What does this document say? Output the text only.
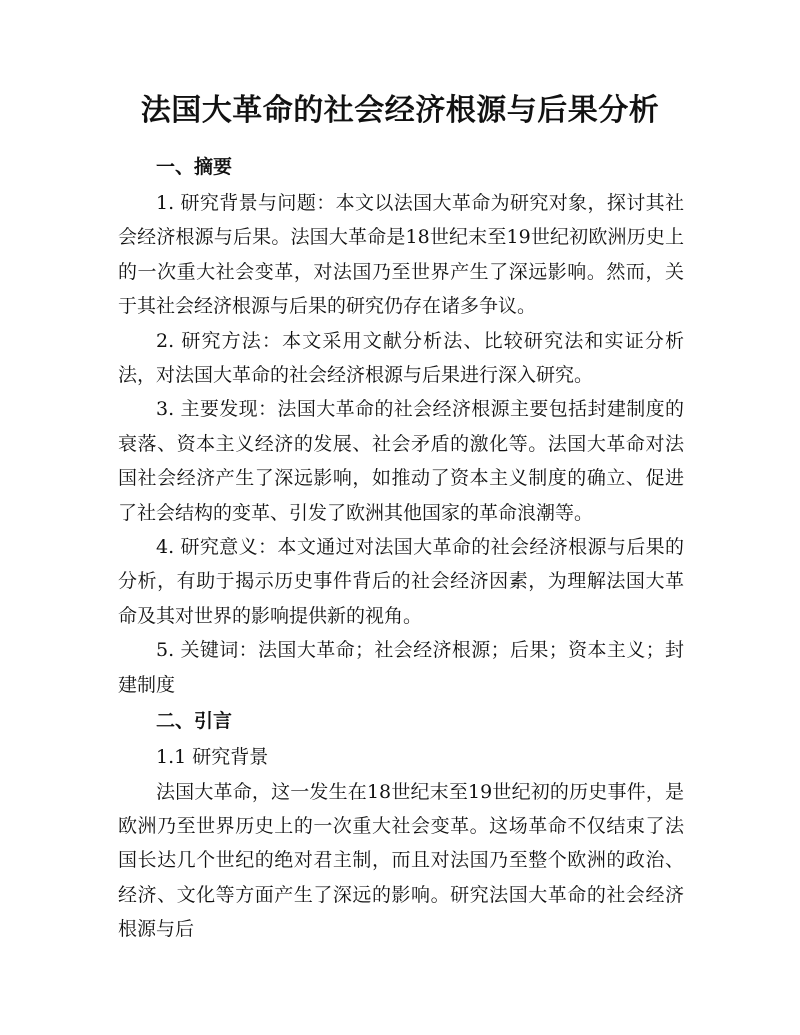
法国大革命的社会经济根源与后果分析
一、摘要

1. 研究背景与问题：本文以法国大革命为研究对象，探讨其社会经济根源与后果。法国大革命是18世纪末至19世纪初欧洲历史上的一次重大社会变革，对法国乃至世界产生了深远影响。然而，关于其社会经济根源与后果的研究仍存在诸多争议。

2. 研究方法：本文采用文献分析法、比较研究法和实证分析法，对法国大革命的社会经济根源与后果进行深入研究。

3. 主要发现：法国大革命的社会经济根源主要包括封建制度的衰落、资本主义经济的发展、社会矛盾的激化等。法国大革命对法国社会经济产生了深远影响，如推动了资本主义制度的确立、促进了社会结构的变革、引发了欧洲其他国家的革命浪潮等。

4. 研究意义：本文通过对法国大革命的社会经济根源与后果的分析，有助于揭示历史事件背后的社会经济因素，为理解法国大革命及其对世界的影响提供新的视角。

5. 关键词：法国大革命；社会经济根源；后果；资本主义；封建制度

二、引言

1.1 研究背景

法国大革命，这一发生在18世纪末至19世纪初的历史事件，是欧洲乃至世界历史上的一次重大社会变革。这场革命不仅结束了法国长达几个世纪的绝对君主制，而且对法国乃至整个欧洲的政治、经济、文化等方面产生了深远的影响。研究法国大革命的社会经济根源与后
